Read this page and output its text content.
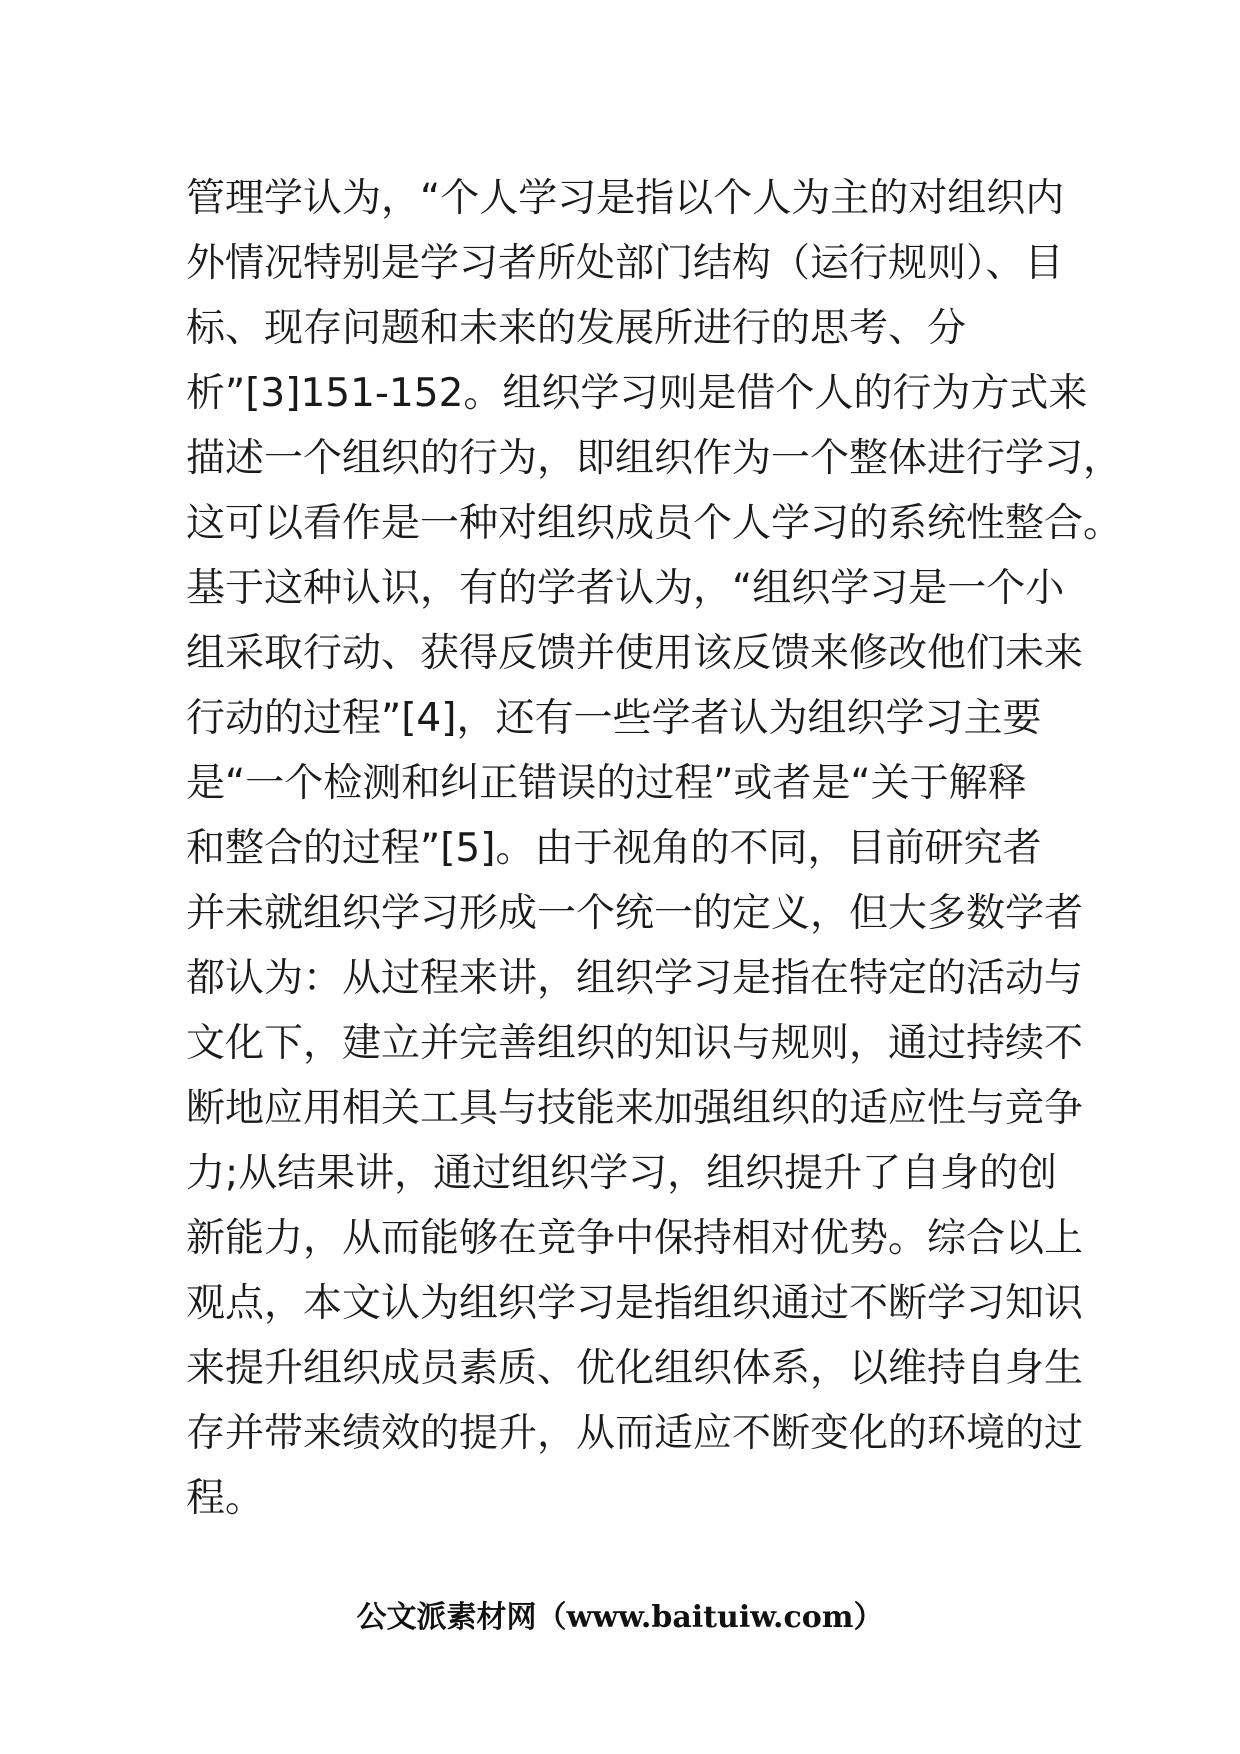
管理学认为，“个人学习是指以个人为主的对组织内
外情况特别是学习者所处部门结构（运行规则）、目
标、现存问题和未来的发展所进行的思考、分
析”[3]151-152。组织学习则是借个人的行为方式来
描述一个组织的行为，即组织作为一个整体进行学习，
这可以看作是一种对组织成员个人学习的系统性整合。
基于这种认识，有的学者认为，“组织学习是一个小
组采取行动、获得反馈并使用该反馈来修改他们未来
行动的过程”[4]，还有一些学者认为组织学习主要
是“一个检测和纠正错误的过程”或者是“关于解释
和整合的过程”[5]。由于视角的不同，目前研究者
并未就组织学习形成一个统一的定义，但大多数学者
都认为：从过程来讲，组织学习是指在特定的活动与
文化下，建立并完善组织的知识与规则，通过持续不
断地应用相关工具与技能来加强组织的适应性与竞争
力;从结果讲，通过组织学习，组织提升了自身的创
新能力，从而能够在竞争中保持相对优势。综合以上
观点，本文认为组织学习是指组织通过不断学习知识
来提升组织成员素质、优化组织体系，以维持自身生
存并带来绩效的提升，从而适应不断变化的环境的过
程。
公文派素材网（www.baituiw.com）
